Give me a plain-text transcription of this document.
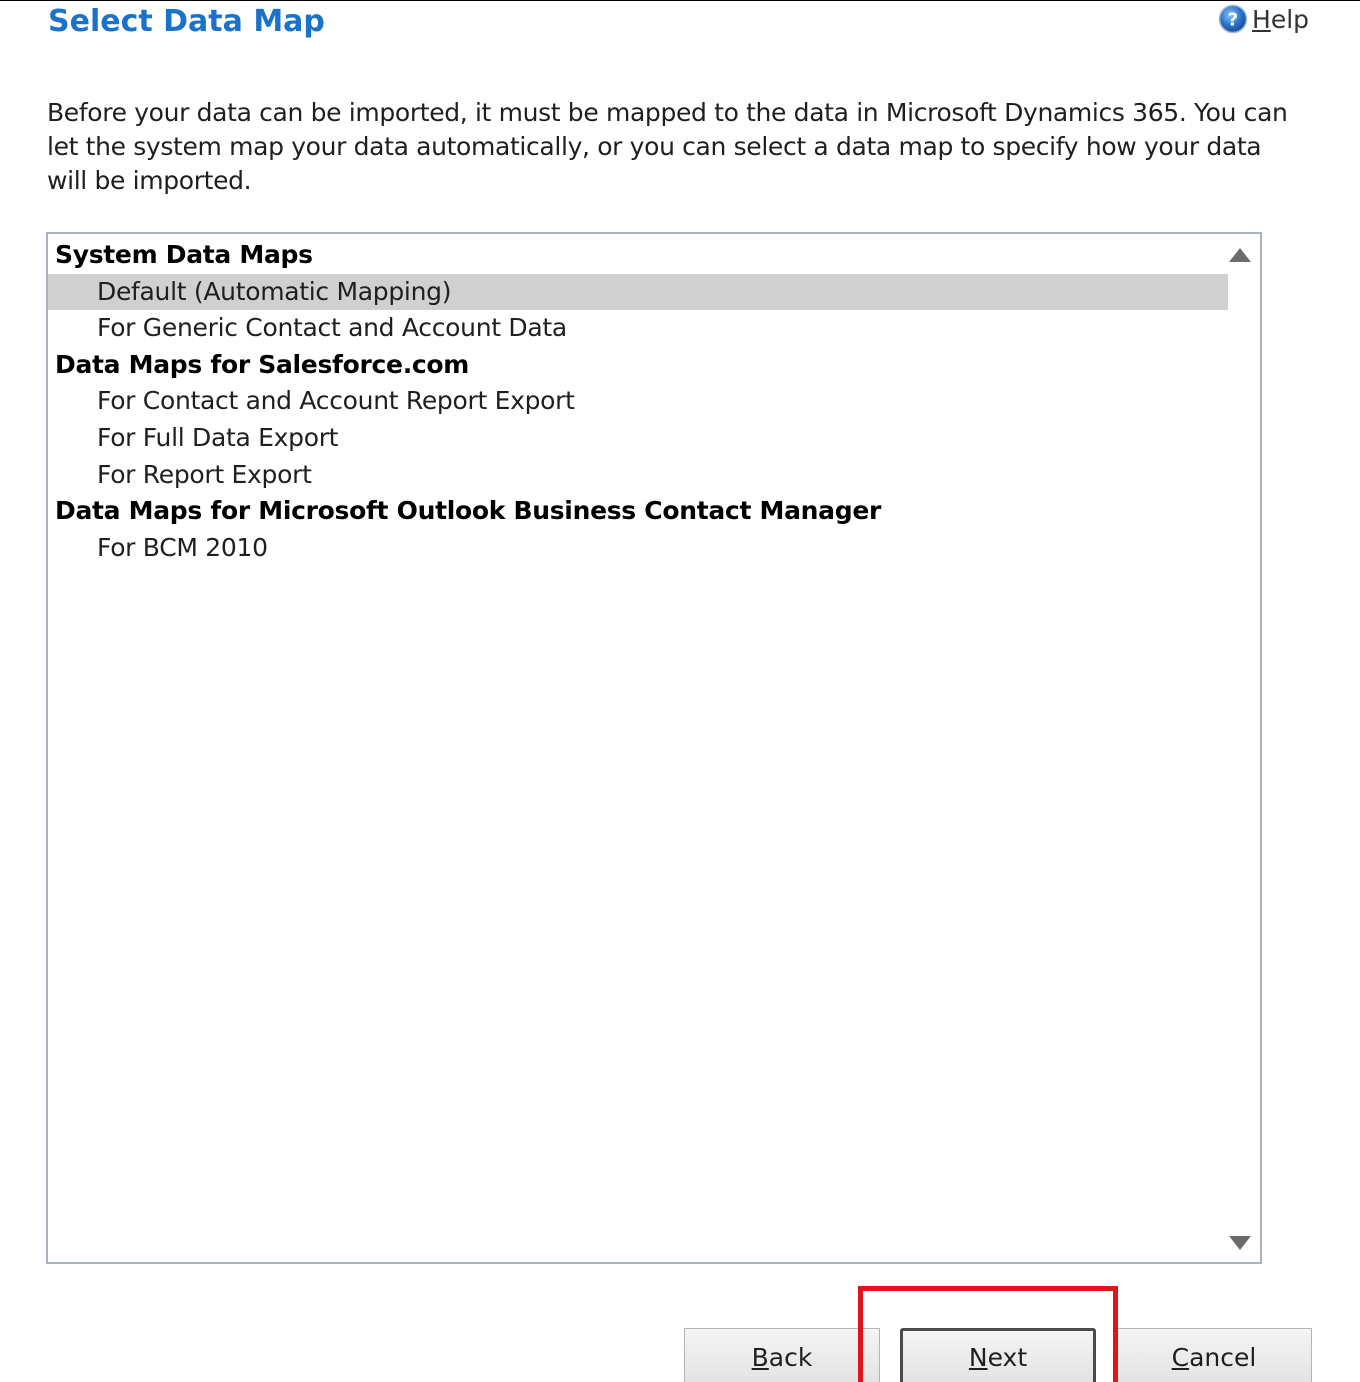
Select Data Map	? Help
Before your data can be imported, it must be mapped to the data in Microsoft Dynamics 365. You can let the system map your data automatically, or you can select a data map to specify how your data will be imported.
System Data Maps
Default (Automatic Mapping)
For Generic Contact and Account Data
Data Maps for Salesforce.com
For Contact and Account Report Export
For Full Data Export
For Report Export
Data Maps for Microsoft Outlook Business Contact Manager
For BCM 2010
Back	Next	Cancel
